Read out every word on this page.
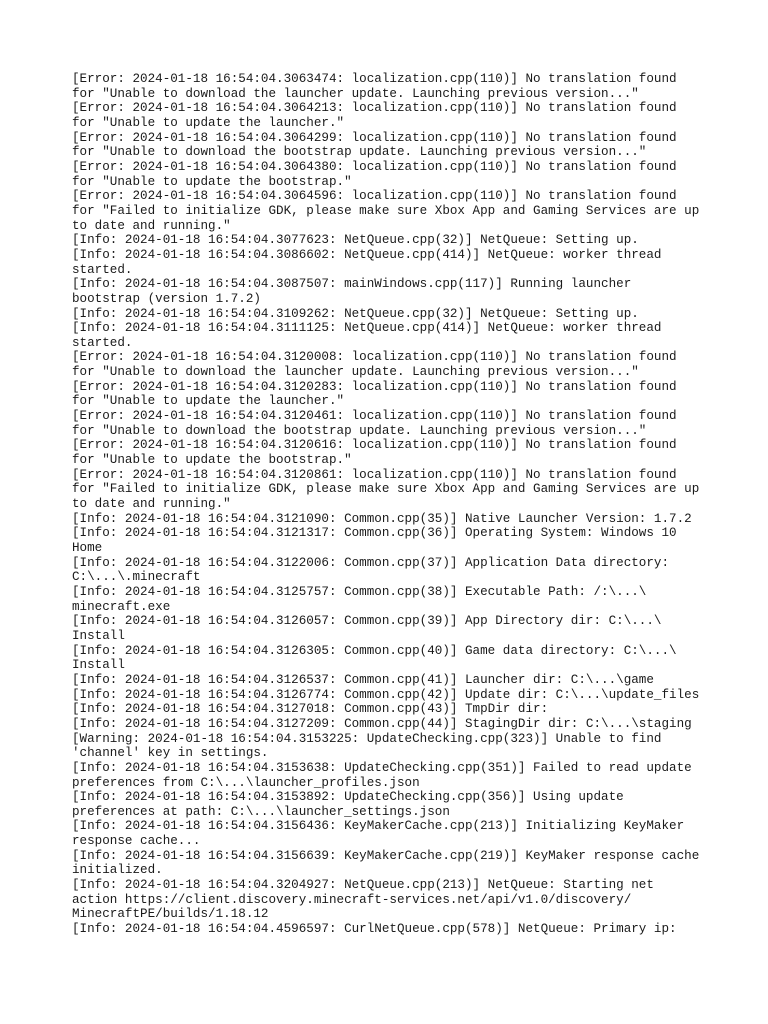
[Error: 2024-01-18 16:54:04.3063474: localization.cpp(110)] No translation found
for "Unable to download the launcher update. Launching previous version..."
[Error: 2024-01-18 16:54:04.3064213: localization.cpp(110)] No translation found
for "Unable to update the launcher."
[Error: 2024-01-18 16:54:04.3064299: localization.cpp(110)] No translation found
for "Unable to download the bootstrap update. Launching previous version..."
[Error: 2024-01-18 16:54:04.3064380: localization.cpp(110)] No translation found
for "Unable to update the bootstrap."
[Error: 2024-01-18 16:54:04.3064596: localization.cpp(110)] No translation found
for "Failed to initialize GDK, please make sure Xbox App and Gaming Services are up
to date and running."
[Info: 2024-01-18 16:54:04.3077623: NetQueue.cpp(32)] NetQueue: Setting up.
[Info: 2024-01-18 16:54:04.3086602: NetQueue.cpp(414)] NetQueue: worker thread
started.
[Info: 2024-01-18 16:54:04.3087507: mainWindows.cpp(117)] Running launcher
bootstrap (version 1.7.2)
[Info: 2024-01-18 16:54:04.3109262: NetQueue.cpp(32)] NetQueue: Setting up.
[Info: 2024-01-18 16:54:04.3111125: NetQueue.cpp(414)] NetQueue: worker thread
started.
[Error: 2024-01-18 16:54:04.3120008: localization.cpp(110)] No translation found
for "Unable to download the launcher update. Launching previous version..."
[Error: 2024-01-18 16:54:04.3120283: localization.cpp(110)] No translation found
for "Unable to update the launcher."
[Error: 2024-01-18 16:54:04.3120461: localization.cpp(110)] No translation found
for "Unable to download the bootstrap update. Launching previous version..."
[Error: 2024-01-18 16:54:04.3120616: localization.cpp(110)] No translation found
for "Unable to update the bootstrap."
[Error: 2024-01-18 16:54:04.3120861: localization.cpp(110)] No translation found
for "Failed to initialize GDK, please make sure Xbox App and Gaming Services are up
to date and running."
[Info: 2024-01-18 16:54:04.3121090: Common.cpp(35)] Native Launcher Version: 1.7.2
[Info: 2024-01-18 16:54:04.3121317: Common.cpp(36)] Operating System: Windows 10
Home
[Info: 2024-01-18 16:54:04.3122006: Common.cpp(37)] Application Data directory:
C:\...\.minecraft
[Info: 2024-01-18 16:54:04.3125757: Common.cpp(38)] Executable Path: /:\...\
minecraft.exe
[Info: 2024-01-18 16:54:04.3126057: Common.cpp(39)] App Directory dir: C:\...\
Install
[Info: 2024-01-18 16:54:04.3126305: Common.cpp(40)] Game data directory: C:\...\
Install
[Info: 2024-01-18 16:54:04.3126537: Common.cpp(41)] Launcher dir: C:\...\game
[Info: 2024-01-18 16:54:04.3126774: Common.cpp(42)] Update dir: C:\...\update_files
[Info: 2024-01-18 16:54:04.3127018: Common.cpp(43)] TmpDir dir:
[Info: 2024-01-18 16:54:04.3127209: Common.cpp(44)] StagingDir dir: C:\...\staging
[Warning: 2024-01-18 16:54:04.3153225: UpdateChecking.cpp(323)] Unable to find
'channel' key in settings.
[Info: 2024-01-18 16:54:04.3153638: UpdateChecking.cpp(351)] Failed to read update
preferences from C:\...\launcher_profiles.json
[Info: 2024-01-18 16:54:04.3153892: UpdateChecking.cpp(356)] Using update
preferences at path: C:\...\launcher_settings.json
[Info: 2024-01-18 16:54:04.3156436: KeyMakerCache.cpp(213)] Initializing KeyMaker
response cache...
[Info: 2024-01-18 16:54:04.3156639: KeyMakerCache.cpp(219)] KeyMaker response cache
initialized.
[Info: 2024-01-18 16:54:04.3204927: NetQueue.cpp(213)] NetQueue: Starting net
action https://client.discovery.minecraft-services.net/api/v1.0/discovery/
MinecraftPE/builds/1.18.12
[Info: 2024-01-18 16:54:04.4596597: CurlNetQueue.cpp(578)] NetQueue: Primary ip:
